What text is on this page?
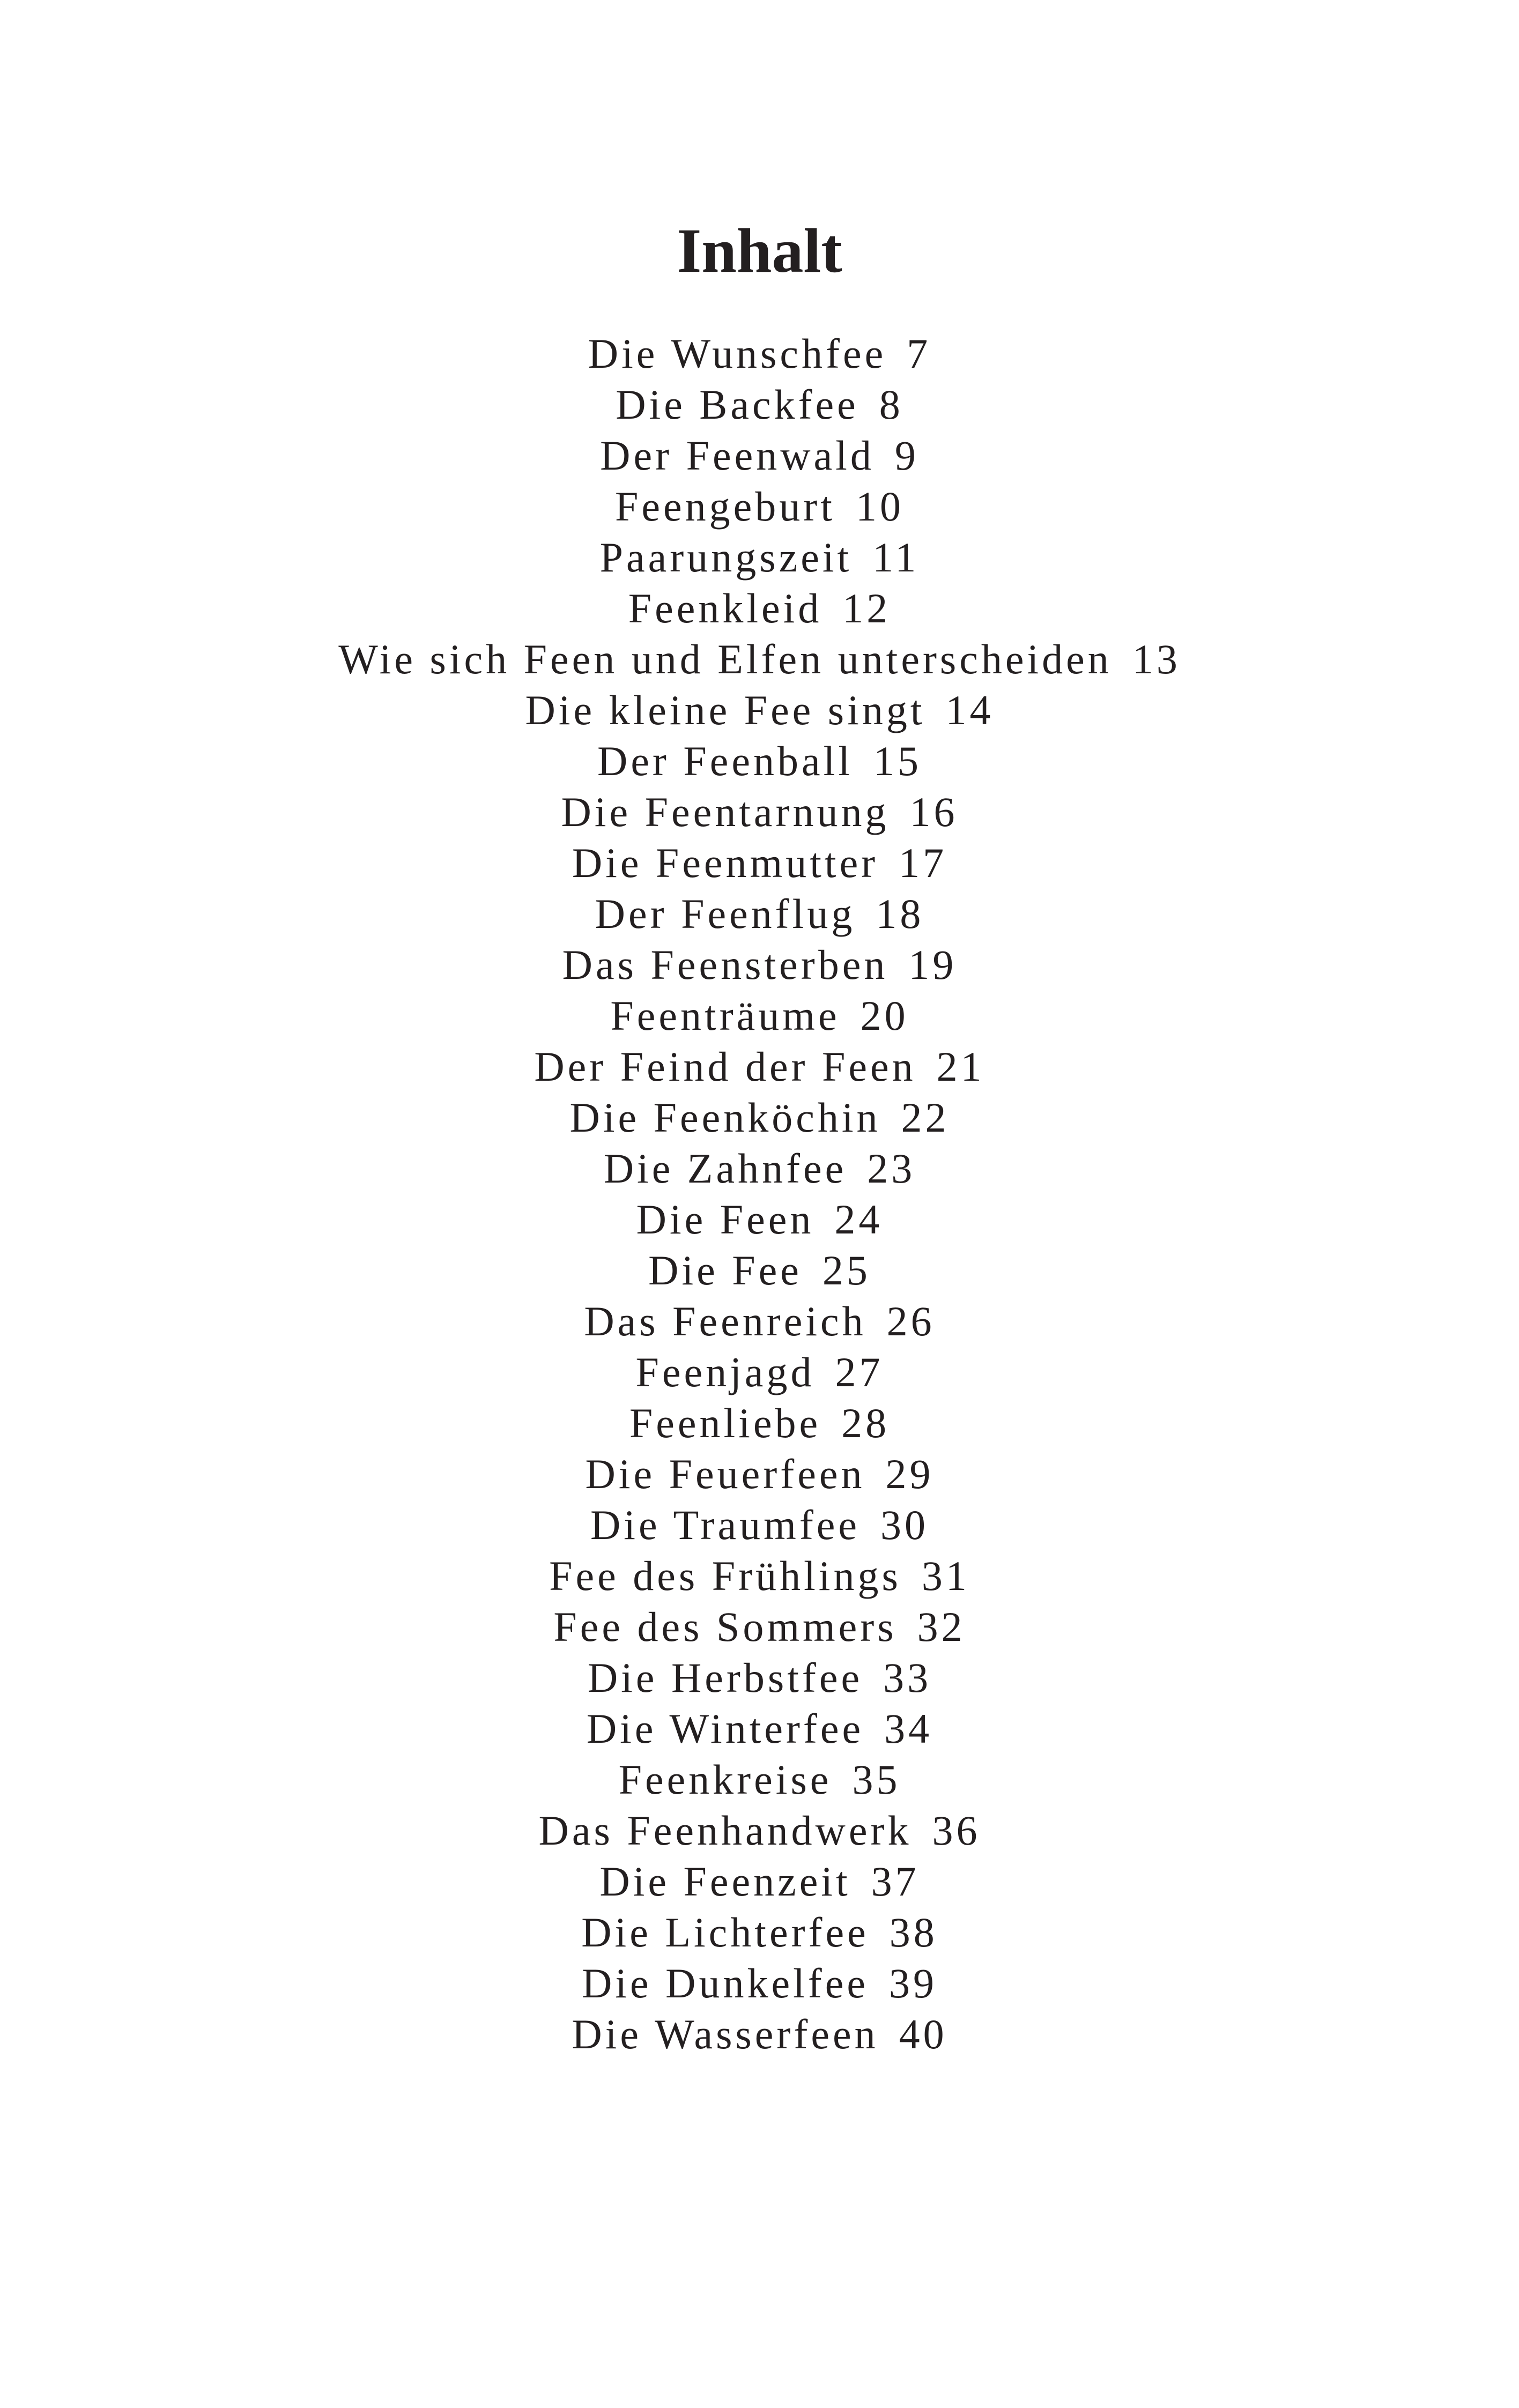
Inhalt
Die Wunschfee 7
Die Backfee 8
Der Feenwald 9
Feengeburt 10
Paarungszeit 11
Feenkleid 12
Wie sich Feen und Elfen unterscheiden 13
Die kleine Fee singt 14
Der Feenball 15
Die Feentarnung 16
Die Feenmutter 17
Der Feenflug 18
Das Feensterben 19
Feenträume 20
Der Feind der Feen 21
Die Feenköchin 22
Die Zahnfee 23
Die Feen 24
Die Fee 25
Das Feenreich 26
Feenjagd 27
Feenliebe 28
Die Feuerfeen 29
Die Traumfee 30
Fee des Frühlings 31
Fee des Sommers 32
Die Herbstfee 33
Die Winterfee 34
Feenkreise 35
Das Feenhandwerk 36
Die Feenzeit 37
Die Lichterfee 38
Die Dunkelfee 39
Die Wasserfeen 40
